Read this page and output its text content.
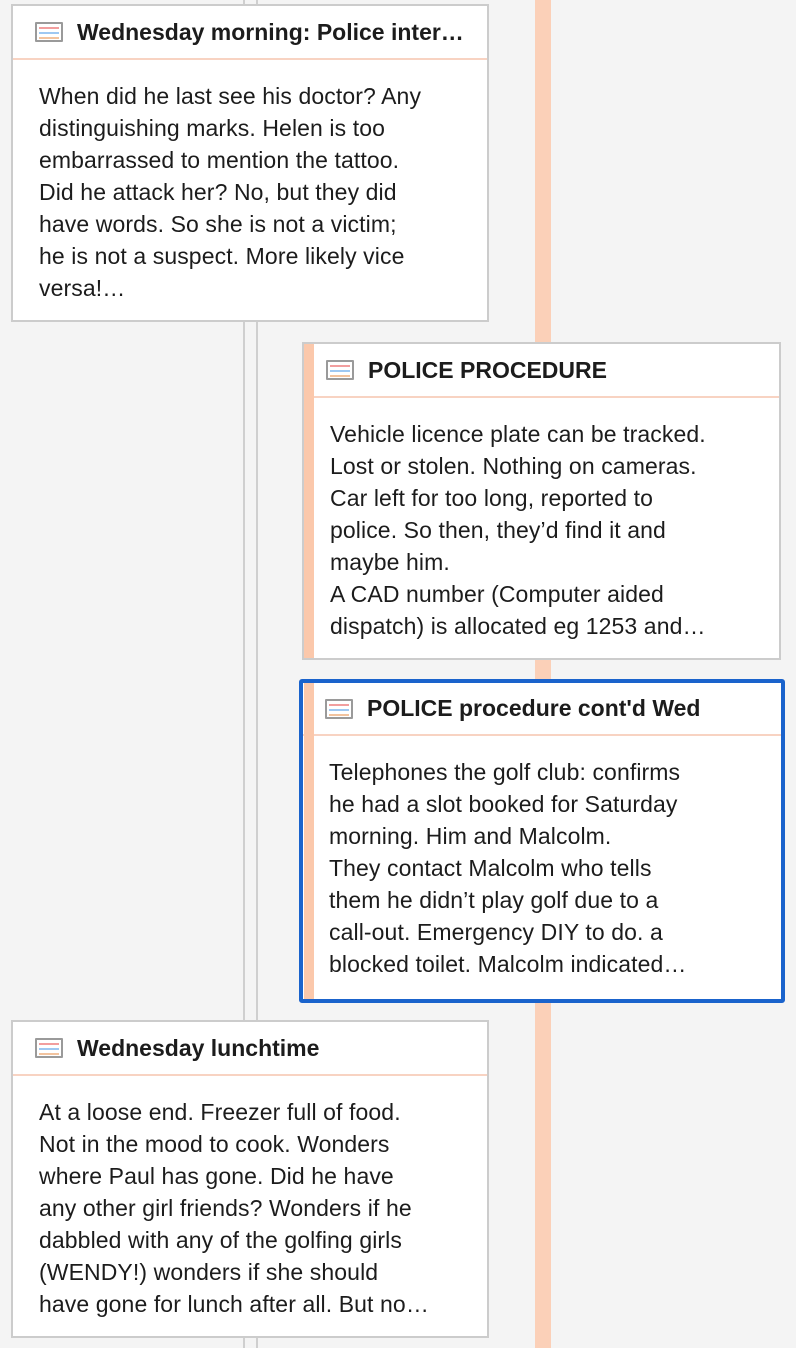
Wednesday morning: Police inter…

When did he last see his doctor? Any

distinguishing marks. Helen is too

embarrassed to mention the tattoo.

Did he attack her? No, but they did

have words. So she is not a victim;

he is not a suspect. More likely vice

versa!…

POLICE PROCEDURE

Vehicle licence plate can be tracked.

Lost or stolen. Nothing on cameras.

Car left for too long, reported to

police. So then, they’d find it and

maybe him.

A CAD number (Computer aided

dispatch) is allocated eg 1253 and…

POLICE procedure cont'd Wed

Telephones the golf club: confirms

he had a slot booked for Saturday

morning. Him and Malcolm.

They contact Malcolm who tells

them he didn’t play golf due to a

call-out. Emergency DIY to do. a

blocked toilet. Malcolm indicated…

Wednesday lunchtime

At a loose end. Freezer full of food.

Not in the mood to cook. Wonders

where Paul has gone. Did he have

any other girl friends? Wonders if he

dabbled with any of the golfing girls

(WENDY!) wonders if she should

have gone for lunch after all. But no…
